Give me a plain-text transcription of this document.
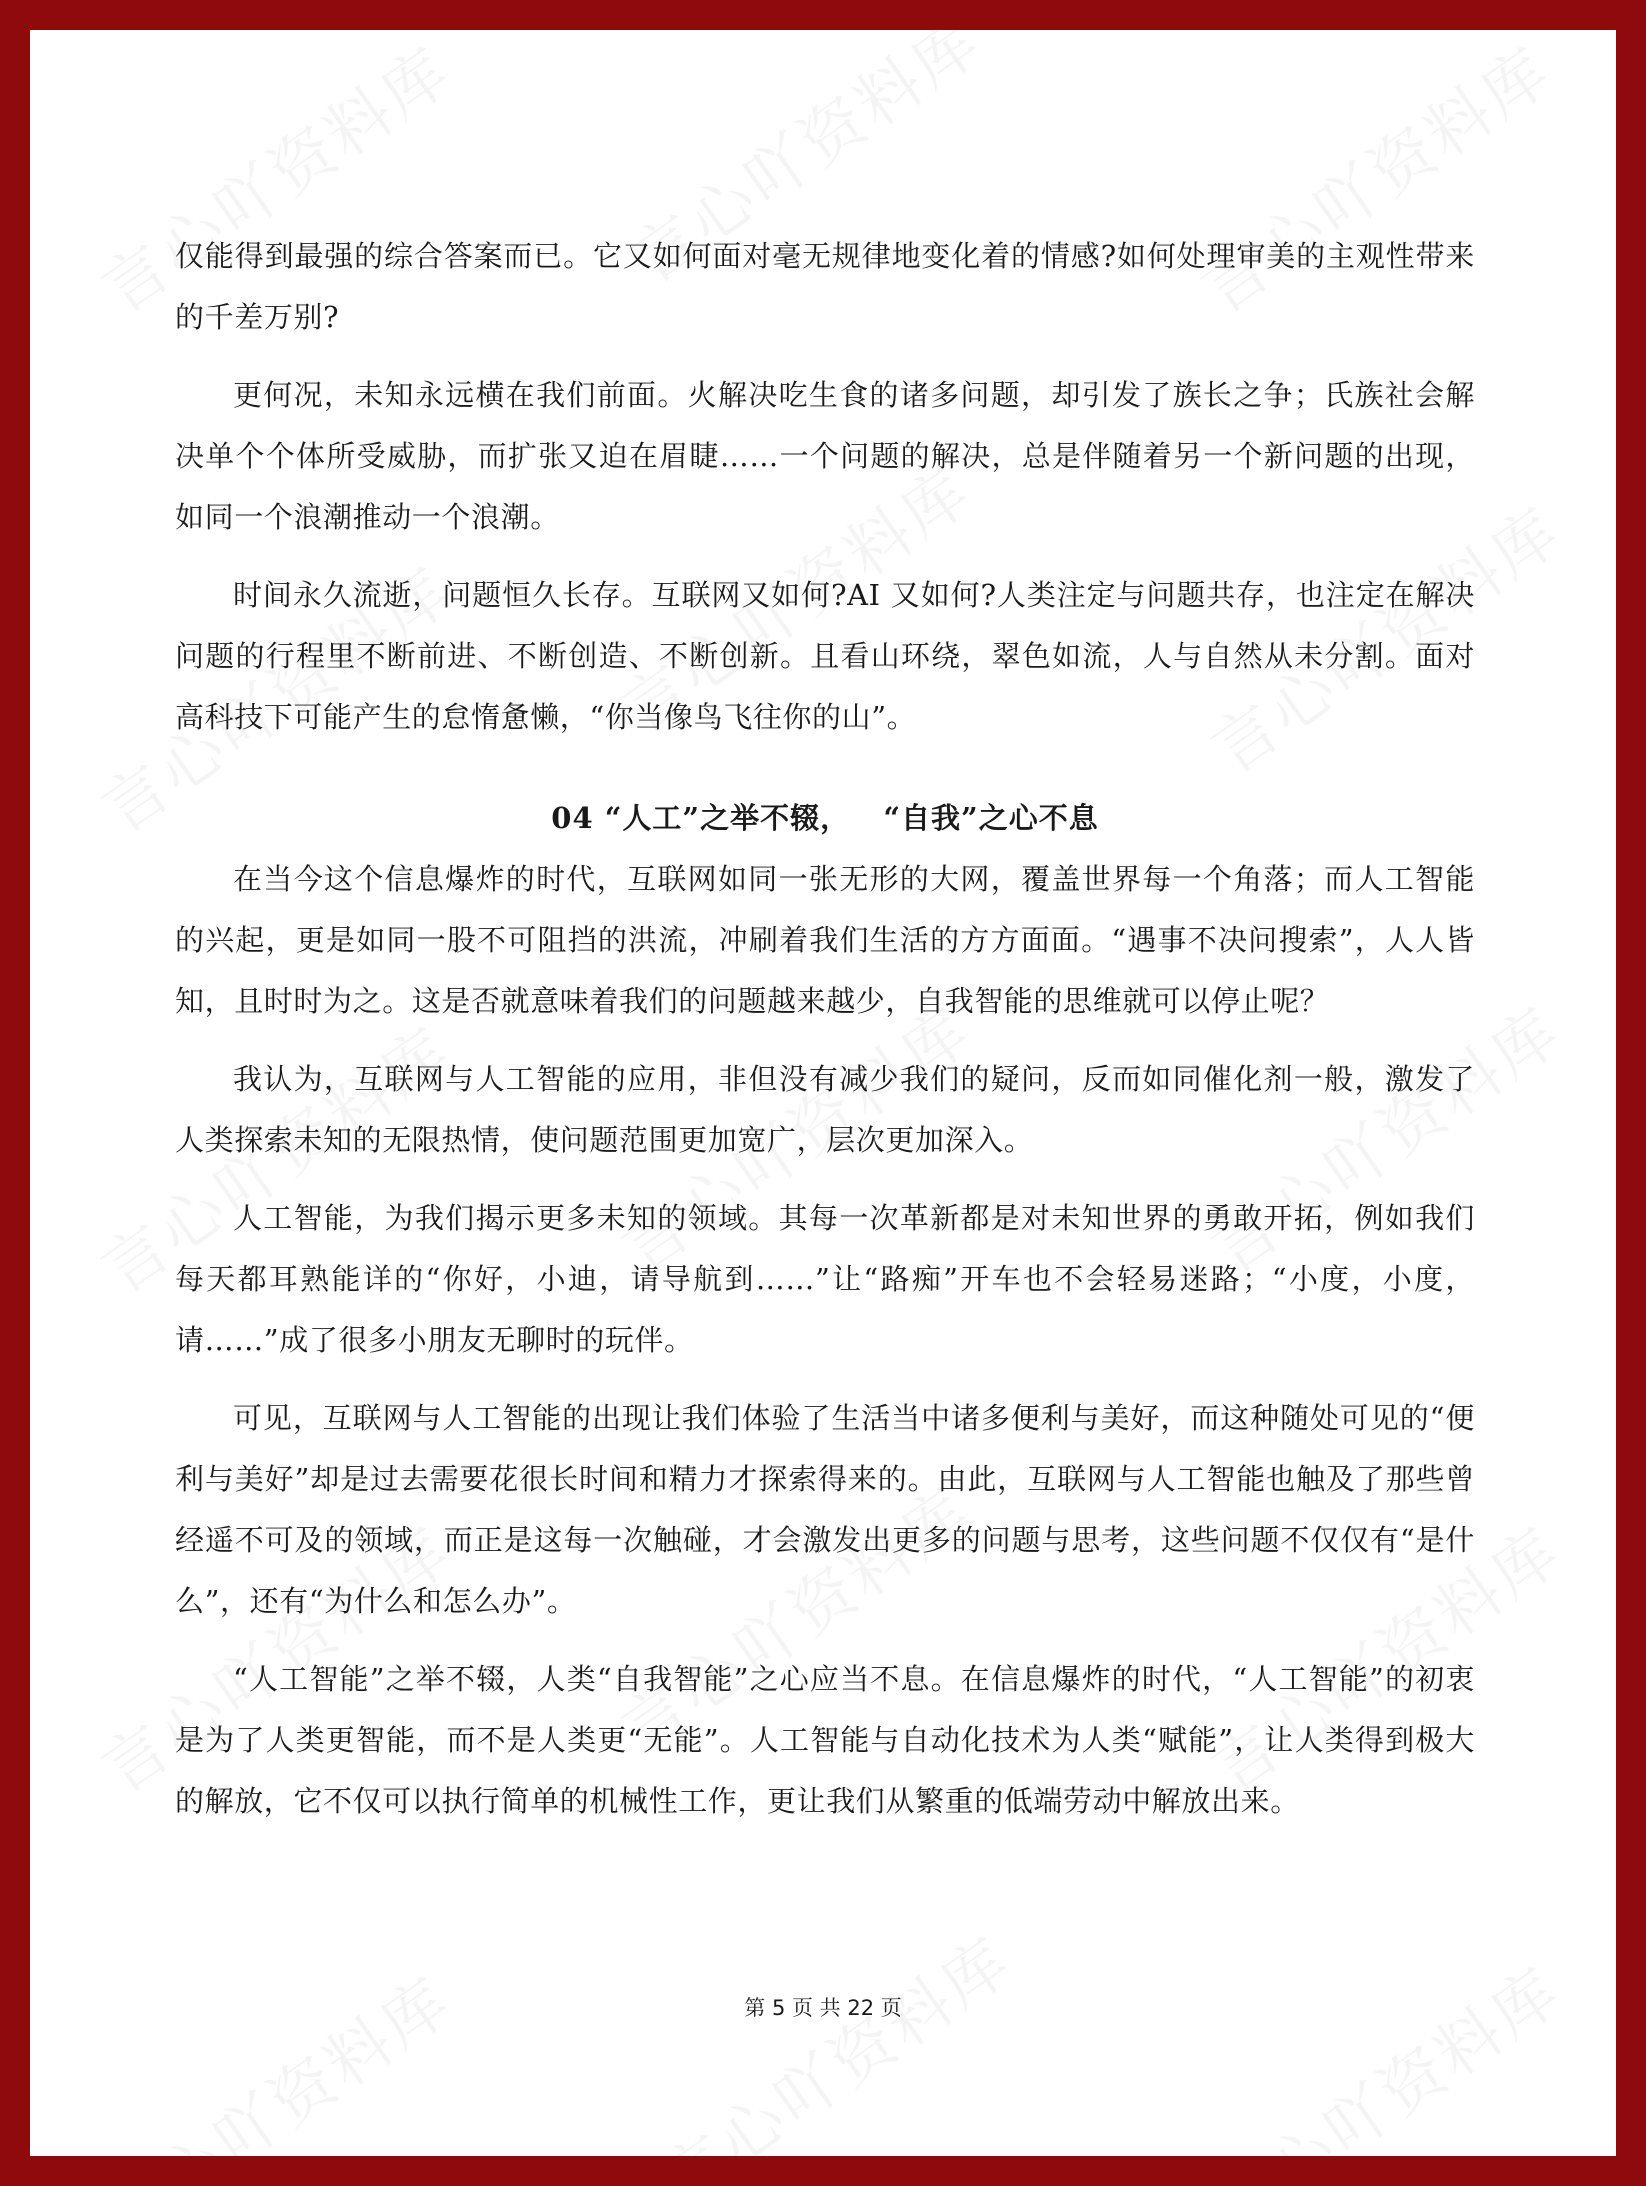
仅能得到最强的综合答案而已。它又如何面对毫无规律地变化着的情感?如何处理审美的主观性带来的千差万别?

更何况，未知永远横在我们前面。火解决吃生食的诸多问题，却引发了族长之争；氏族社会解决单个个体所受威胁，而扩张又迫在眉睫……一个问题的解决，总是伴随着另一个新问题的出现，如同一个浪潮推动一个浪潮。

时间永久流逝，问题恒久长存。互联网又如何?AI 又如何?人类注定与问题共存，也注定在解决问题的行程里不断前进、不断创造、不断创新。且看山环绕，翠色如流，人与自然从未分割。面对高科技下可能产生的怠惰惫懒，“你当像鸟飞往你的山”。

04 “人工”之举不辍，   “自我”之心不息

在当今这个信息爆炸的时代，互联网如同一张无形的大网，覆盖世界每一个角落；而人工智能的兴起，更是如同一股不可阻挡的洪流，冲刷着我们生活的方方面面。“遇事不决问搜索”，人人皆知，且时时为之。这是否就意味着我们的问题越来越少，自我智能的思维就可以停止呢？

我认为，互联网与人工智能的应用，非但没有减少我们的疑问，反而如同催化剂一般，激发了人类探索未知的无限热情，使问题范围更加宽广，层次更加深入。

人工智能，为我们揭示更多未知的领域。其每一次革新都是对未知世界的勇敢开拓，例如我们每天都耳熟能详的“你好，小迪，请导航到……”让“路痴”开车也不会轻易迷路；“小度，小度，请……”成了很多小朋友无聊时的玩伴。

可见，互联网与人工智能的出现让我们体验了生活当中诸多便利与美好，而这种随处可见的“便利与美好”却是过去需要花很长时间和精力才探索得来的。由此，互联网与人工智能也触及了那些曾经遥不可及的领域，而正是这每一次触碰，才会激发出更多的问题与思考，这些问题不仅仅有“是什么”，还有“为什么和怎么办”。

“人工智能”之举不辍，人类“自我智能”之心应当不息。在信息爆炸的时代，“人工智能”的初衷是为了人类更智能，而不是人类更“无能”。人工智能与自动化技术为人类“赋能”，让人类得到极大的解放，它不仅可以执行简单的机械性工作，更让我们从繁重的低端劳动中解放出来。

第 5 页 共 22 页
